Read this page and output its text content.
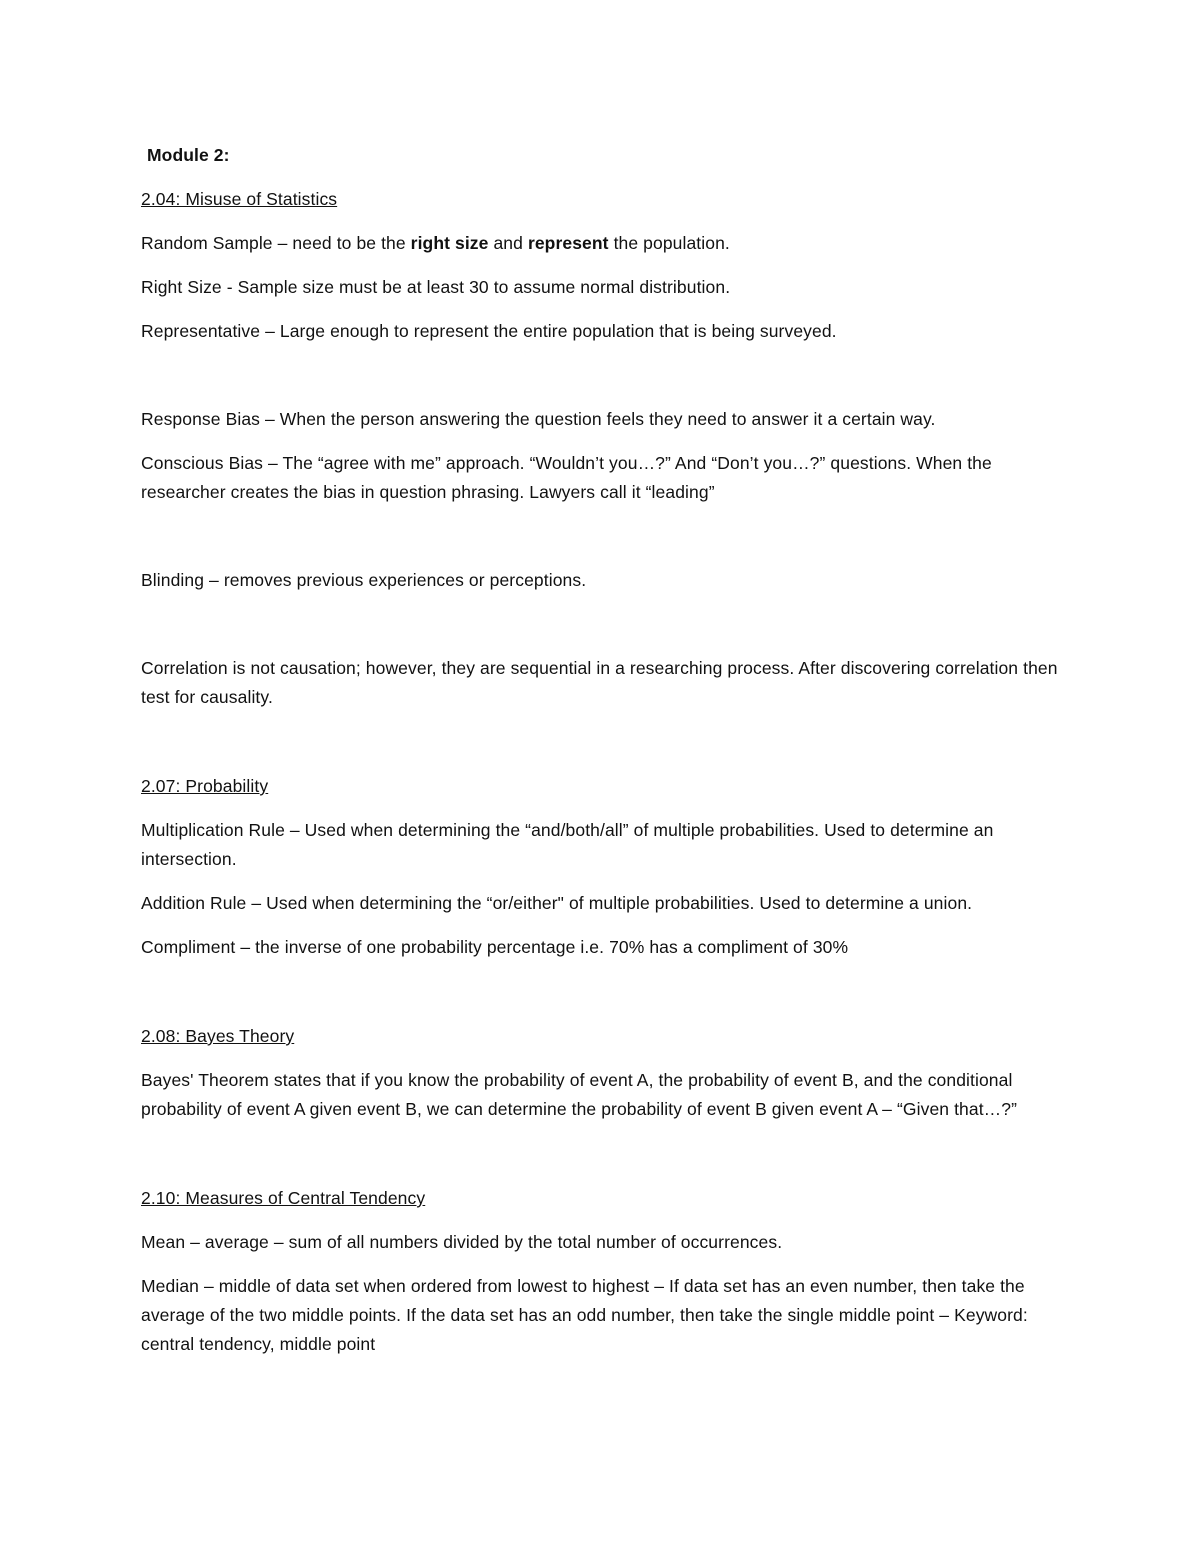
Module 2:

2.04: Misuse of Statistics

Random Sample – need to be the right size and represent the population.

Right Size - Sample size must be at least 30 to assume normal distribution.

Representative – Large enough to represent the entire population that is being surveyed.

Response Bias – When the person answering the question feels they need to answer it a certain way.

Conscious Bias – The “agree with me” approach. “Wouldn’t you…?” And “Don’t you…?” questions. When the researcher creates the bias in question phrasing. Lawyers call it “leading”

Blinding – removes previous experiences or perceptions.

Correlation is not causation; however, they are sequential in a researching process. After discovering correlation then test for causality.

2.07: Probability

Multiplication Rule – Used when determining the “and/both/all” of multiple probabilities. Used to determine an intersection.

Addition Rule – Used when determining the “or/either" of multiple probabilities. Used to determine a union.

Compliment – the inverse of one probability percentage i.e. 70% has a compliment of 30%

2.08: Bayes Theory

Bayes' Theorem states that if you know the probability of event A, the probability of event B, and the conditional probability of event A given event B, we can determine the probability of event B given event A – “Given that…?”

2.10: Measures of Central Tendency

Mean – average – sum of all numbers divided by the total number of occurrences.

Median – middle of data set when ordered from lowest to highest – If data set has an even number, then take the average of the two middle points. If the data set has an odd number, then take the single middle point – Keyword: central tendency, middle point
